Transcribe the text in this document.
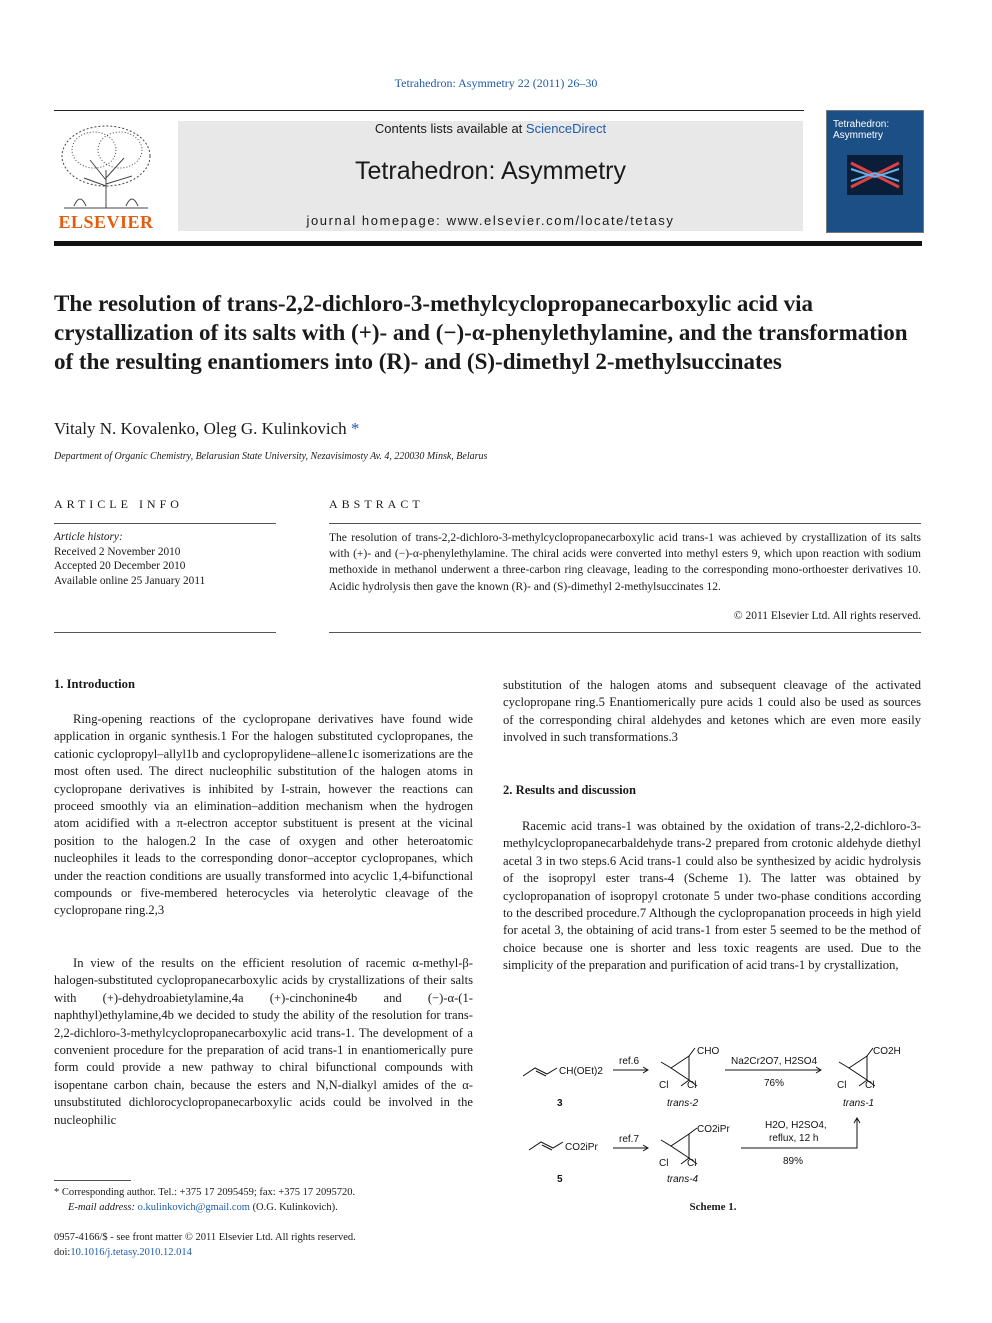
Tetrahedron: Asymmetry 22 (2011) 26–30
ELSEVIER
Contents lists available at ScienceDirect
Tetrahedron: Asymmetry
journal homepage: www.elsevier.com/locate/tetasy
Tetrahedron: Asymmetry
The resolution of trans-2,2-dichloro-3-methylcyclopropanecarboxylic acid via crystallization of its salts with (+)- and (−)-α-phenylethylamine, and the transformation of the resulting enantiomers into (R)- and (S)-dimethyl 2-methylsuccinates
Vitaly N. Kovalenko, Oleg G. Kulinkovich *
Department of Organic Chemistry, Belarusian State University, Nezavisimosty Av. 4, 220030 Minsk, Belarus
ARTICLE INFO	ABSTRACT
Article history:
Received 2 November 2010
Accepted 20 December 2010
Available online 25 January 2011
The resolution of trans-2,2-dichloro-3-methylcyclopropanecarboxylic acid trans-1 was achieved by crystallization of its salts with (+)- and (−)-α-phenylethylamine. The chiral acids were converted into methyl esters 9, which upon reaction with sodium methoxide in methanol underwent a three-carbon ring cleavage, leading to the corresponding mono-orthoester derivatives 10. Acidic hydrolysis then gave the known (R)- and (S)-dimethyl 2-methylsuccinates 12.
© 2011 Elsevier Ltd. All rights reserved.
1. Introduction
Ring-opening reactions of the cyclopropane derivatives have found wide application in organic synthesis.1 For the halogen substituted cyclopropanes, the cationic cyclopropyl–allyl1b and cyclopropylidene–allene1c isomerizations are the most often used. The direct nucleophilic substitution of the halogen atoms in cyclopropane derivatives is inhibited by I-strain, however the reactions can proceed smoothly via an elimination–addition mechanism when the hydrogen atom acidified with a π-electron acceptor substituent is present at the vicinal position to the halogen.2 In the case of oxygen and other heteroatomic nucleophiles it leads to the corresponding donor–acceptor cyclopropanes, which under the reaction conditions are usually transformed into acyclic 1,4-bifunctional compounds or five-membered heterocycles via heterolytic cleavage of the cyclopropane ring.2,3
In view of the results on the efficient resolution of racemic α-methyl-β-halogen-substituted cyclopropanecarboxylic acids by crystallizations of their salts with (+)-dehydroabietylamine,4a (+)-cinchonine4b and (−)-α-(1-naphthyl)ethylamine,4b we decided to study the ability of the resolution for trans-2,2-dichloro-3-methylcyclopropanecarboxylic acid trans-1. The development of a convenient procedure for the preparation of acid trans-1 in enantiomerically pure form could provide a new pathway to chiral bifunctional compounds with isopentane carbon chain, because the esters and N,N-dialkyl amides of the α-unsubstituted dichlorocyclopropanecarboxylic acids could be involved in the nucleophilic
substitution of the halogen atoms and subsequent cleavage of the activated cyclopropane ring.5 Enantiomerically pure acids 1 could also be used as sources of the corresponding chiral aldehydes and ketones which are even more easily involved in such transformations.3
2. Results and discussion
Racemic acid trans-1 was obtained by the oxidation of trans-2,2-dichloro-3-methylcyclopropanecarbaldehyde trans-2 prepared from crotonic aldehyde diethyl acetal 3 in two steps.6 Acid trans-1 could also be synthesized by acidic hydrolysis of the isopropyl ester trans-4 (Scheme 1). The latter was obtained by cyclopropanation of isopropyl crotonate 5 under two-phase conditions according to the described procedure.7 Although the cyclopropanation proceeds in high yield for acetal 3, the obtaining of acid trans-1 from ester 5 seemed to be the method of choice because one is shorter and less toxic reagents are used. Due to the simplicity of the preparation and purification of acid trans-1 by crystallization,
CH(OEt)2
3
ref.6
CHO
Cl Cl
trans-2
Na2Cr2O7, H2SO4
76%
CO2H
Cl Cl
trans-1
CO2iPr
5
ref.7
CO2iPr
Cl Cl
trans-4
H2O, H2SO4,
reflux, 12 h
89%
Scheme 1.
* Corresponding author. Tel.: +375 17 2095459; fax: +375 17 2095720.
E-mail address: o.kulinkovich@gmail.com (O.G. Kulinkovich).
0957-4166/$ - see front matter © 2011 Elsevier Ltd. All rights reserved.
doi:10.1016/j.tetasy.2010.12.014
